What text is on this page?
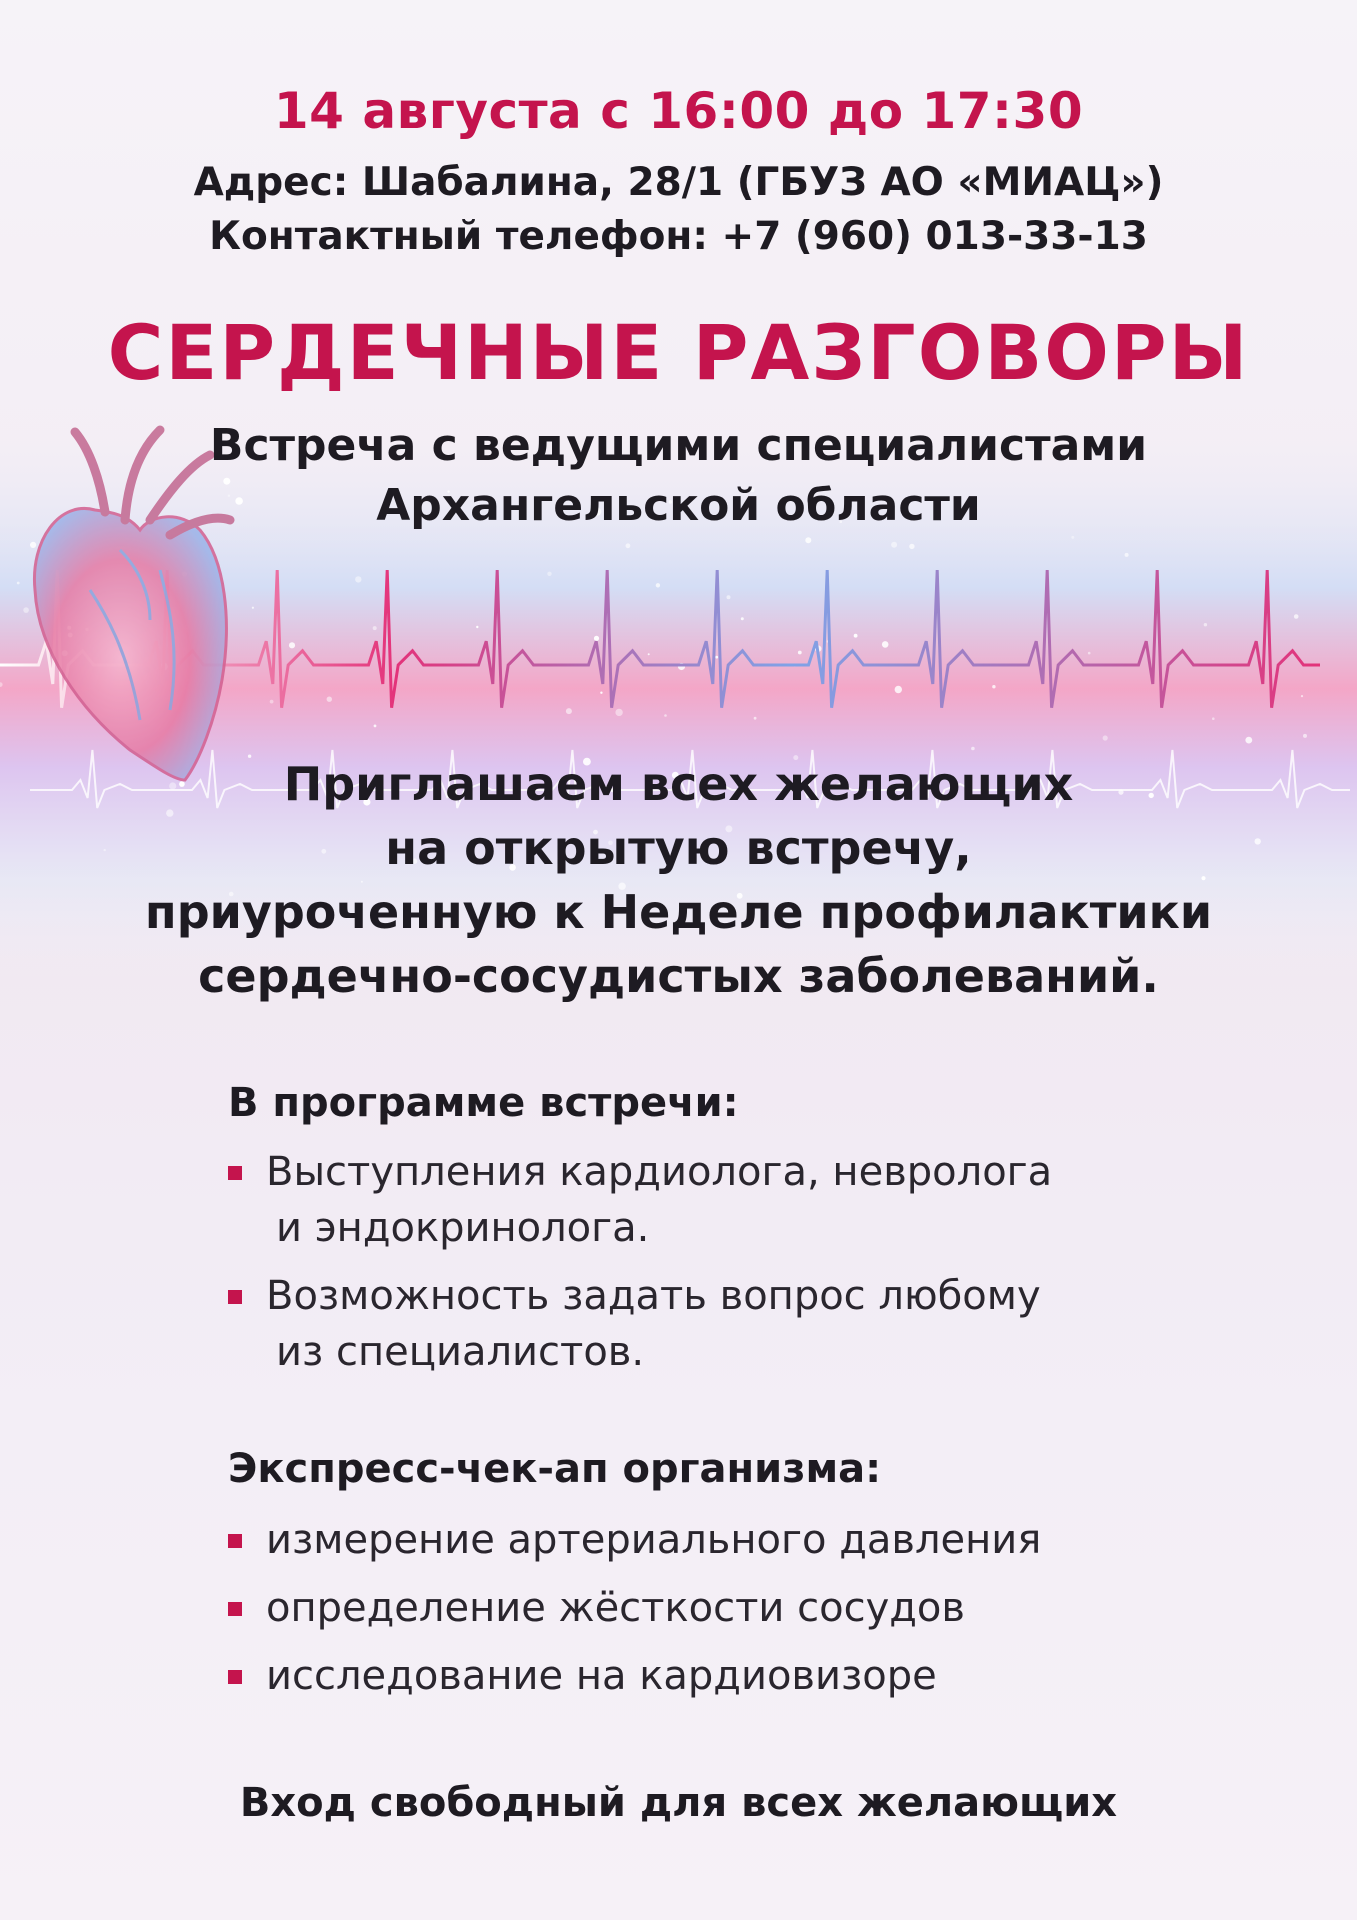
14 августа с 16:00 до 17:30
Адрес: Шабалина, 28/1 (ГБУЗ АО «МИАЦ»)
Контактный телефон: +7 (960) 013-33-13
СЕРДЕЧНЫЕ РАЗГОВОРЫ
Встреча с ведущими специалистами
Архангельской области
Приглашаем всех желающих
на открытую встречу,
приуроченную к Неделе профилактики
сердечно-сосудистых заболеваний.
В программе встречи:
Выступления кардиолога, невролога
и эндокринолога.
Возможность задать вопрос любому
из специалистов.
Экспресс-чек-ап организма:
измерение артериального давления
определение жёсткости сосудов
исследование на кардиовизоре
Вход свободный для всех желающих
